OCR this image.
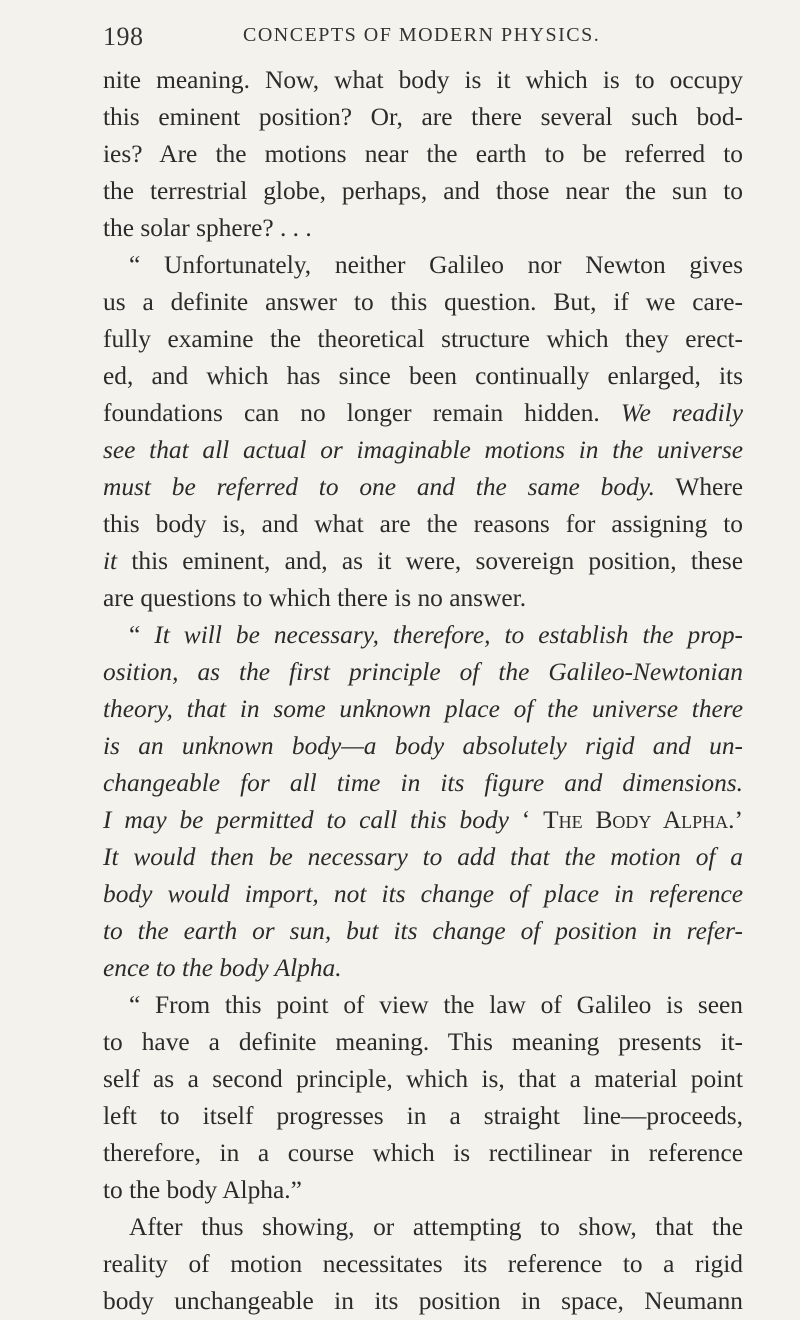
198	CONCEPTS OF MODERN PHYSICS.
nite meaning. Now, what body is it which is to occupy
this eminent position? Or, are there several such bod-
ies? Are the motions near the earth to be referred to
the terrestrial globe, perhaps, and those near the sun to
the solar sphere? . . .
“ Unfortunately, neither Galileo nor Newton gives
us a definite answer to this question. But, if we care-
fully examine the theoretical structure which they erect-
ed, and which has since been continually enlarged, its
foundations can no longer remain hidden. We readily
see that all actual or imaginable motions in the universe
must be referred to one and the same body. Where
this body is, and what are the reasons for assigning to
it this eminent, and, as it were, sovereign position, these
are questions to which there is no answer.
“ It will be necessary, therefore, to establish the prop-
osition, as the first principle of the Galileo-Newtonian
theory, that in some unknown place of the universe there
is an unknown body—a body absolutely rigid and un-
changeable for all time in its figure and dimensions.
I may be permitted to call this body ‘ The Body Alpha.’
It would then be necessary to add that the motion of a
body would import, not its change of place in reference
to the earth or sun, but its change of position in refer-
ence to the body Alpha.
“ From this point of view the law of Galileo is seen
to have a definite meaning. This meaning presents it-
self as a second principle, which is, that a material point
left to itself progresses in a straight line—proceeds,
therefore, in a course which is rectilinear in reference
to the body Alpha.”
After thus showing, or attempting to show, that the
reality of motion necessitates its reference to a rigid
body unchangeable in its position in space, Neumann
